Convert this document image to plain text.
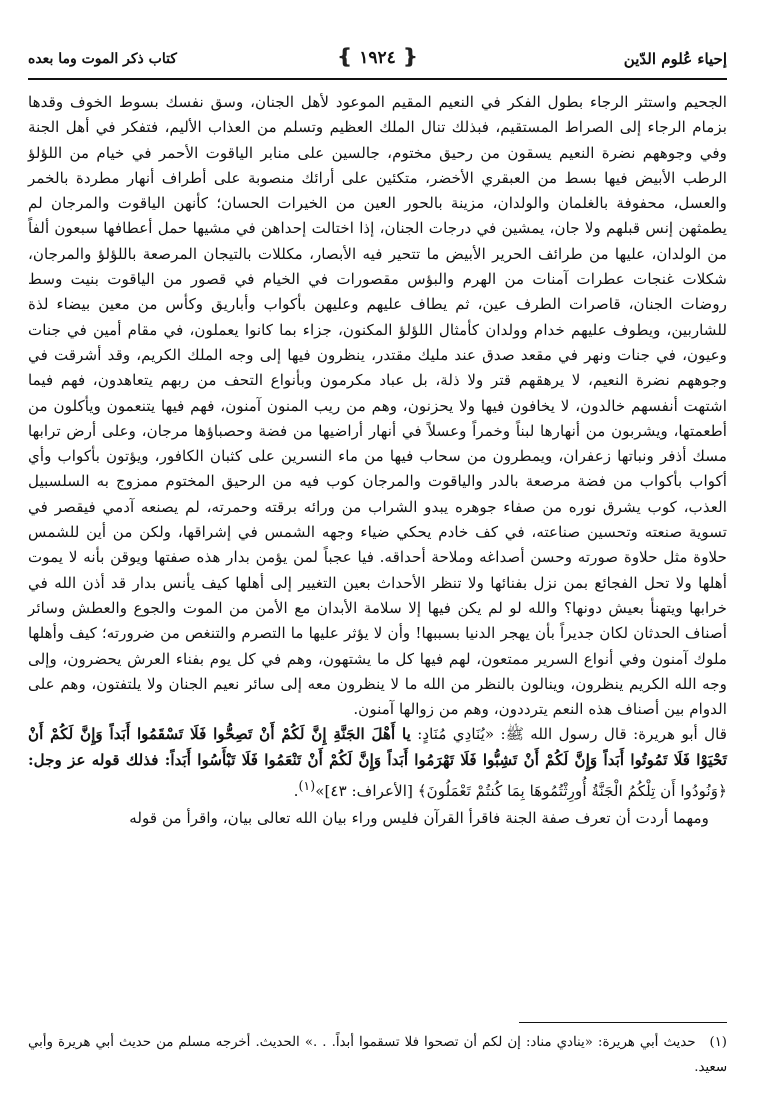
إحياء عُلوم الدّين
كتاب ذكر الموت وما بعده	❴ ١٩٢٤ ❵

الجحيم واستثر الرجاء بطول الفكر في النعيم المقيم الموعود لأهل الجنان، وسق نفسك بسوط الخوف وقدها بزمام الرجاء إلى الصراط المستقيم، فبذلك تنال الملك العظيم وتسلم من العذاب الأليم، فتفكر في أهل الجنة وفي وجوههم نضرة النعيم يسقون من رحيق مختوم، جالسين على منابر الياقوت الأحمر في خيام من اللؤلؤ الرطب الأبيض فيها بسط من العبقري الأخضر، متكئين على أرائك منصوبة على أطراف أنهار مطردة بالخمر والعسل، محفوفة بالغلمان والولدان، مزينة بالحور العين من الخيرات الحسان؛ كأنهن الياقوت والمرجان لم يطمثهن إنس قبلهم ولا جان، يمشين في درجات الجنان، إذا اختالت إحداهن في مشيها حمل أعطافها سبعون ألفاً من الولدان، عليها من طرائف الحرير الأبيض ما تتحير فيه الأبصار، مكللات بالتيجان المرصعة باللؤلؤ والمرجان، شكلات غنجات عطرات آمنات من الهرم والبؤس مقصورات في الخيام في قصور من الياقوت بنيت وسط روضات الجنان، قاصرات الطرف عين، ثم يطاف عليهم وعليهن بأكواب وأباريق وكأس من معين بيضاء لذة للشاربين، ويطوف عليهم خدام وولدان كأمثال اللؤلؤ المكنون، جزاء بما كانوا يعملون، في مقام أمين في جنات وعيون، في جنات ونهر في مقعد صدق عند مليك مقتدر، ينظرون فيها إلى وجه الملك الكريم، وقد أشرقت في وجوههم نضرة النعيم، لا يرهقهم قتر ولا ذلة، بل عباد مكرمون وبأنواع التحف من ربهم يتعاهدون، فهم فيما اشتهت أنفسهم خالدون، لا يخافون فيها ولا يحزنون، وهم من ريب المنون آمنون، فهم فيها يتنعمون ويأكلون من أطعمتها، ويشربون من أنهارها لبناً وخمراً وعسلاً في أنهار أراضيها من فضة وحصباؤها مرجان، وعلى أرض ترابها مسك أذفر ونباتها زعفران، ويمطرون من سحاب فيها من ماء النسرين على كثبان الكافور، ويؤتون بأكواب وأي أكواب بأكواب من فضة مرصعة بالدر والياقوت والمرجان كوب فيه من الرحيق المختوم ممزوج به السلسبيل العذب، كوب يشرق نوره من صفاء جوهره يبدو الشراب من ورائه برقته وحمرته، لم يصنعه آدمي فيقصر في تسوية صنعته وتحسين صناعته، في كف خادم يحكي ضياء وجهه الشمس في إشراقها، ولكن من أين للشمس حلاوة مثل حلاوة صورته وحسن أصداغه وملاحة أحداقه. فيا عجباً لمن يؤمن بدار هذه صفتها ويوقن بأنه لا يموت أهلها ولا تحل الفجائع بمن نزل بفنائها ولا تنظر الأحداث بعين التغيير إلى أهلها كيف يأنس بدار قد أذن الله في خرابها ويتهنأ بعيش دونها؟ والله لو لم يكن فيها إلا سلامة الأبدان مع الأمن من الموت والجوع والعطش وسائر أصناف الحدثان لكان جديراً بأن يهجر الدنيا بسببها! وأن لا يؤثر عليها ما التصرم والتنغص من ضرورته؛ كيف وأهلها ملوك آمنون وفي أنواع السرير ممتعون، لهم فيها كل ما يشتهون، وهم في كل يوم بفناء العرش يحضرون، وإلى وجه الله الكريم ينظرون، وينالون بالنظر من الله ما لا ينظرون معه إلى سائر نعيم الجنان ولا يلتفتون، وهم على الدوام بين أصناف هذه النعم يترددون، وهم من زوالها آمنون.

قال أبو هريرة: قال رسول الله ﷺ: «يُنَادِي مُنَادٍ: يا أَهْلَ الجَنَّةِ إِنَّ لَكُمْ أَنْ تَصِحُّوا فَلَا تَسْقَمُوا أَبَداً وَإِنَّ لَكُمْ أَنْ تَحْيَوْا فَلَا تَمُوتُوا أَبَداً وَإِنَّ لَكُمْ أَنْ تَشِبُّوا فَلَا تَهْرَمُوا أَبَداً وَإِنَّ لَكُمْ أَنْ تَنْعَمُوا فَلَا تَبْأَسُوا أَبَداً: فذلك قوله عز وجل: ﴿وَنُودُوا أَن تِلْكُمُ الْجَنَّةُ أُورِثْتُمُوهَا بِمَا كُنتُمْ تَعْمَلُونَ﴾ [الأعراف: ٤٣]»$^{(١)}$.

ومهما أردت أن تعرف صفة الجنة فاقرأ القرآن فليس وراء بيان الله تعالى بيان، واقرأ من قوله

(١)حديث أبي هريرة: «ينادي مناد: إن لكم أن تصحوا فلا تسقموا أبداً. . .» الحديث. أخرجه مسلم من حديث أبي هريرة وأبي سعيد.
